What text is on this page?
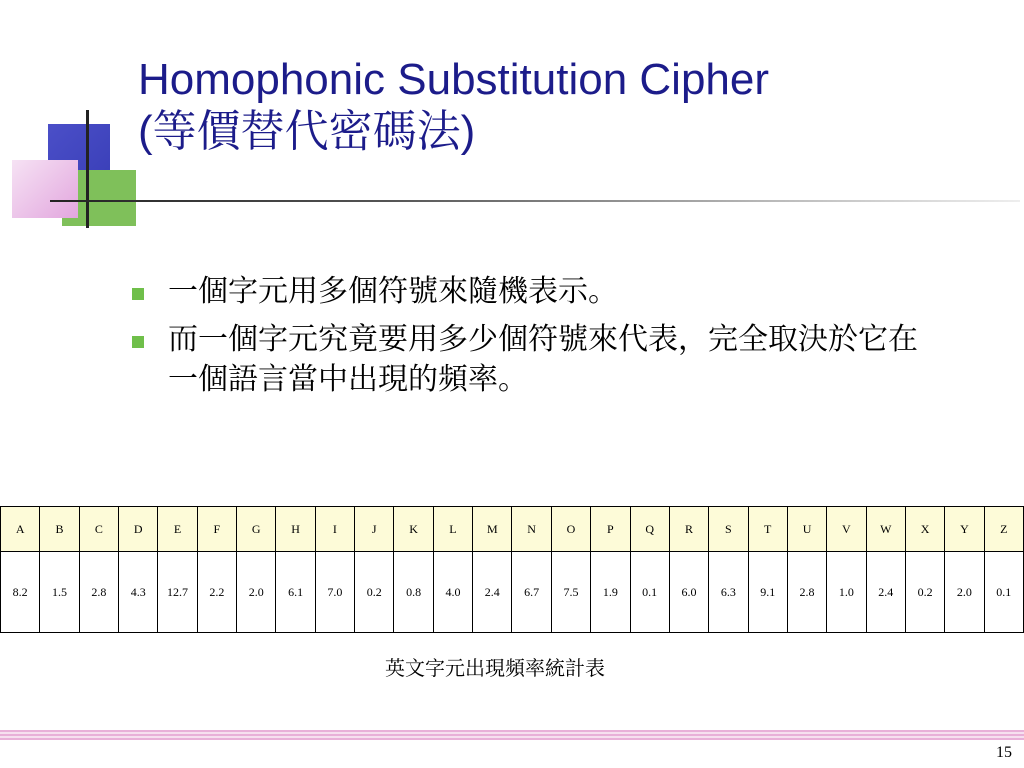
Homophonic Substitution Cipher
(等價替代密碼法)
一個字元用多個符號來隨機表示。
而一個字元究竟要用多少個符號來代表，完全取決於它在一個語言當中出現的頻率。
A	B	C	D	E	F	G	H	I	J	K	L	M	N	O	P	Q	R	S	T	U	V	W	X	Y	Z
8.2	1.5	2.8	4.3	12.7	2.2	2.0	6.1	7.0	0.2	0.8	4.0	2.4	6.7	7.5	1.9	0.1	6.0	6.3	9.1	2.8	1.0	2.4	0.2	2.0	0.1
英文字元出現頻率統計表
15
